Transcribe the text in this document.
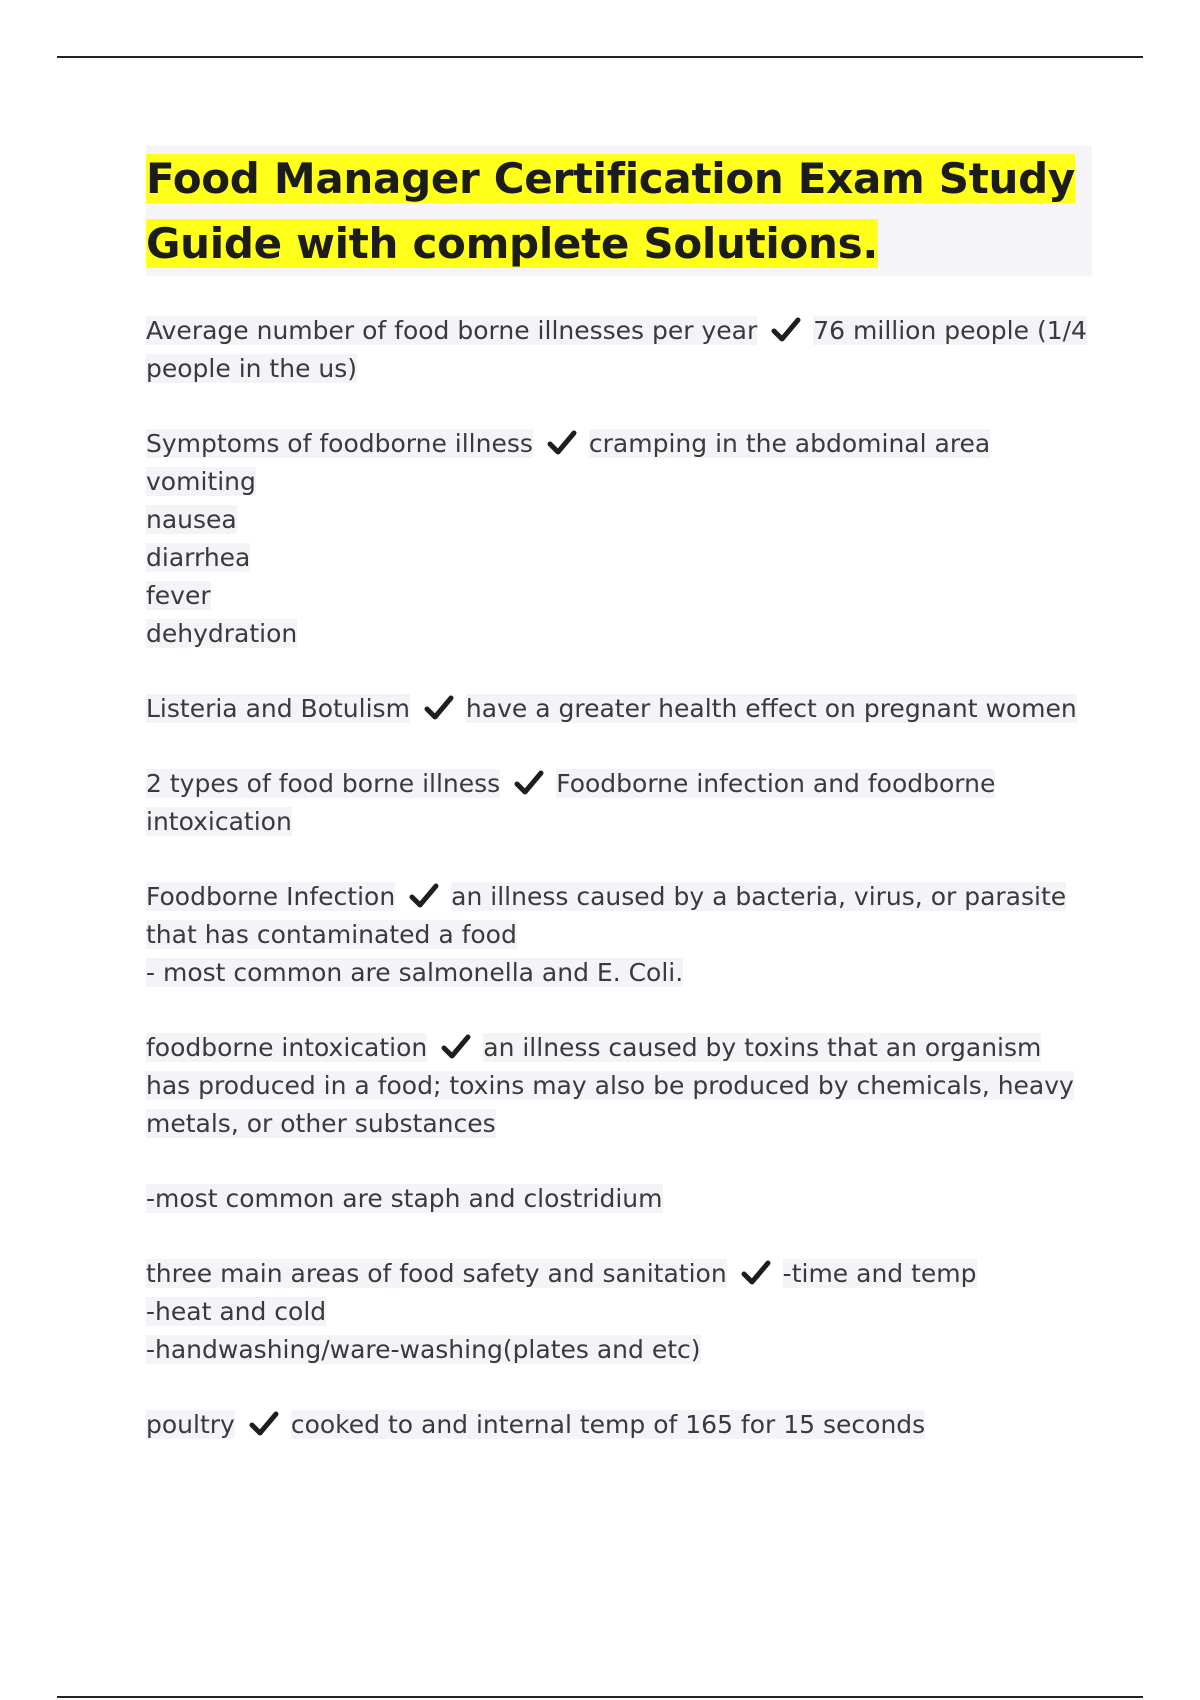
Food Manager Certification Exam Study Guide with complete Solutions.
Average number of food borne illnesses per year 76 million people (1/4
people in the us)
Symptoms of foodborne illness cramping in the abdominal area
vomiting
nausea
diarrhea
fever
dehydration
Listeria and Botulism have a greater health effect on pregnant women
2 types of food borne illness Foodborne infection and foodborne
intoxication
Foodborne Infection an illness caused by a bacteria, virus, or parasite
that has contaminated a food
- most common are salmonella and E. Coli.
foodborne intoxication an illness caused by toxins that an organism
has produced in a food; toxins may also be produced by chemicals, heavy
metals, or other substances
-most common are staph and clostridium
three main areas of food safety and sanitation -time and temp
-heat and cold
-handwashing/ware-washing(plates and etc)
poultry cooked to and internal temp of 165 for 15 seconds
